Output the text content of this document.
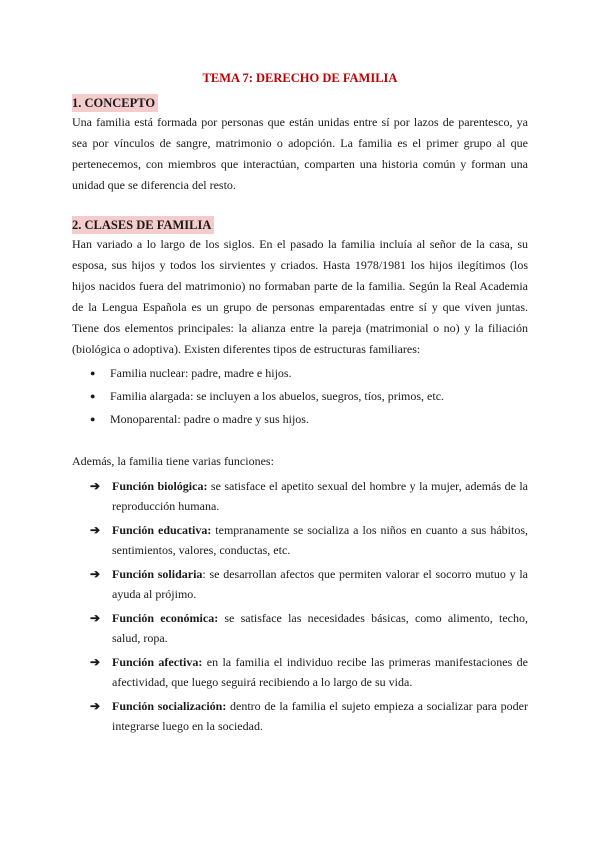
TEMA 7: DERECHO DE FAMILIA
1. CONCEPTO

Una familia está formada por personas que están unidas entre sí por lazos de parentesco, ya sea por vínculos de sangre, matrimonio o adopción. La familia es el primer grupo al que pertenecemos, con miembros que interactúan, comparten una historia común y forman una unidad que se diferencia del resto.

2. CLASES DE FAMILIA

Han variado a lo largo de los siglos. En el pasado la familia incluía al señor de la casa, su esposa, sus hijos y todos los sirvientes y criados. Hasta 1978/1981 los hijos ilegítimos (los hijos nacidos fuera del matrimonio) no formaban parte de la familia. Según la Real Academia de la Lengua Española es un grupo de personas emparentadas entre sí y que viven juntas. Tiene dos elementos principales: la alianza entre la pareja (matrimonial o no) y la filiación (biológica o adoptiva). Existen diferentes tipos de estructuras familiares:

● Familia nuclear: padre, madre e hijos.
● Familia alargada: se incluyen a los abuelos, suegros, tíos, primos, etc.
● Monoparental: padre o madre y sus hijos.

Además, la familia tiene varias funciones:

➔ Función biológica: se satisface el apetito sexual del hombre y la mujer, además de la reproducción humana.
➔ Función educativa: tempranamente se socializa a los niños en cuanto a sus hábitos, sentimientos, valores, conductas, etc.
➔ Función solidaria: se desarrollan afectos que permiten valorar el socorro mutuo y la ayuda al prójimo.
➔ Función económica: se satisface las necesidades básicas, como alimento, techo, salud, ropa.
➔ Función afectiva: en la familia el individuo recibe las primeras manifestaciones de afectividad, que luego seguirá recibiendo a lo largo de su vida.
➔ Función socialización: dentro de la familia el sujeto empieza a socializar para poder integrarse luego en la sociedad.
